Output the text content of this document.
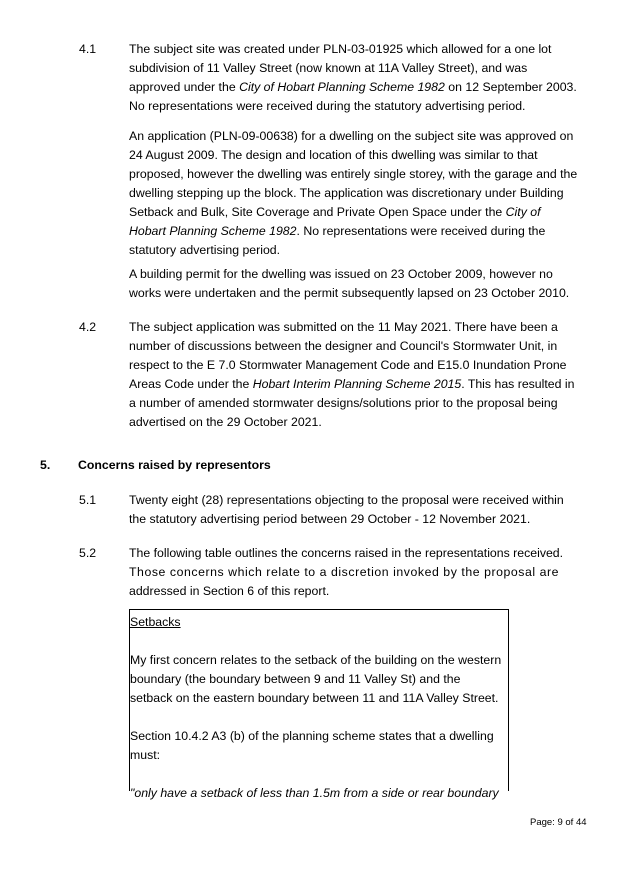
4.1	The subject site was created under PLN-03-01925 which allowed for a one lot subdivision of 11 Valley Street (now known at 11A Valley Street), and was approved under the City of Hobart Planning Scheme 1982 on 12 September 2003. No representations were received during the statutory advertising period.
An application (PLN-09-00638) for a dwelling on the subject site was approved on 24 August 2009. The design and location of this dwelling was similar to that proposed, however the dwelling was entirely single storey, with the garage and the dwelling stepping up the block. The application was discretionary under Building Setback and Bulk, Site Coverage and Private Open Space under the City of Hobart Planning Scheme 1982. No representations were received during the statutory advertising period.
A building permit for the dwelling was issued on 23 October 2009, however no works were undertaken and the permit subsequently lapsed on 23 October 2010.
4.2	The subject application was submitted on the 11 May 2021. There have been a number of discussions between the designer and Council's Stormwater Unit, in respect to the E 7.0 Stormwater Management Code and E15.0 Inundation Prone Areas Code under the Hobart Interim Planning Scheme 2015. This has resulted in a number of amended stormwater designs/solutions prior to the proposal being advertised on the 29 October 2021.
5. Concerns raised by representors
5.1	Twenty eight (28) representations objecting to the proposal were received within the statutory advertising period between 29 October - 12 November 2021.
5.2	The following table outlines the concerns raised in the representations received.
Those concerns which relate to a discretion invoked by the proposal are
addressed in Section 6 of this report.

Setbacks

My first concern relates to the setback of the building on the western boundary (the boundary between 9 and 11 Valley St) and the setback on the eastern boundary between 11 and 11A Valley Street.

Section 10.4.2 A3 (b) of the planning scheme states that a dwelling must:

"only have a setback of less than 1.5m from a side or rear boundary

Page: 9 of 44
